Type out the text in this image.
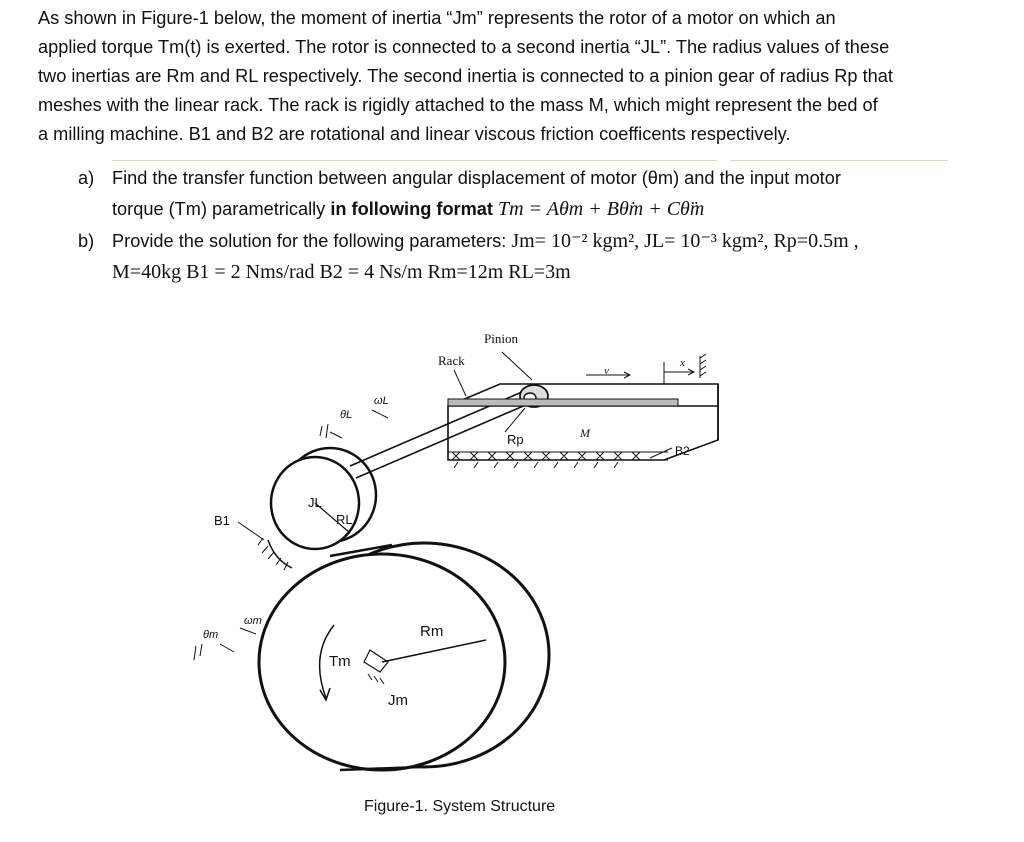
As shown in Figure-1 below, the moment of inertia “Jm” represents the rotor of a motor on which an
applied torque Tm(t) is exerted. The rotor is connected to a second inertia “JL”. The radius values of these
two inertias are Rm and RL respectively. The second inertia is connected to a pinion gear of radius Rp that
meshes with the linear rack. The rack is rigidly attached to the mass M, which might represent the bed of
a milling machine. B1 and B2 are rotational and linear viscous friction coefficents respectively.
a) Find the transfer function between angular displacement of motor (θm) and the input motor
torque (Tm) parametrically in following format Tm = Aθm + Bθ̇m + Cθ̈m
b) Provide the solution for the following parameters: Jm= 10⁻² kgm², JL= 10⁻³ kgm², Rp=0.5m ,
M=40kg B1 = 2 Nms/rad B2 = 4 Ns/m Rm=12m RL=3m
Pinion
Rack
M
v
x
Rp
B2
B1
JL
RL
θL
ωL
θm
ωm
Rm
Tm
Jm
Figure-1. System Structure
